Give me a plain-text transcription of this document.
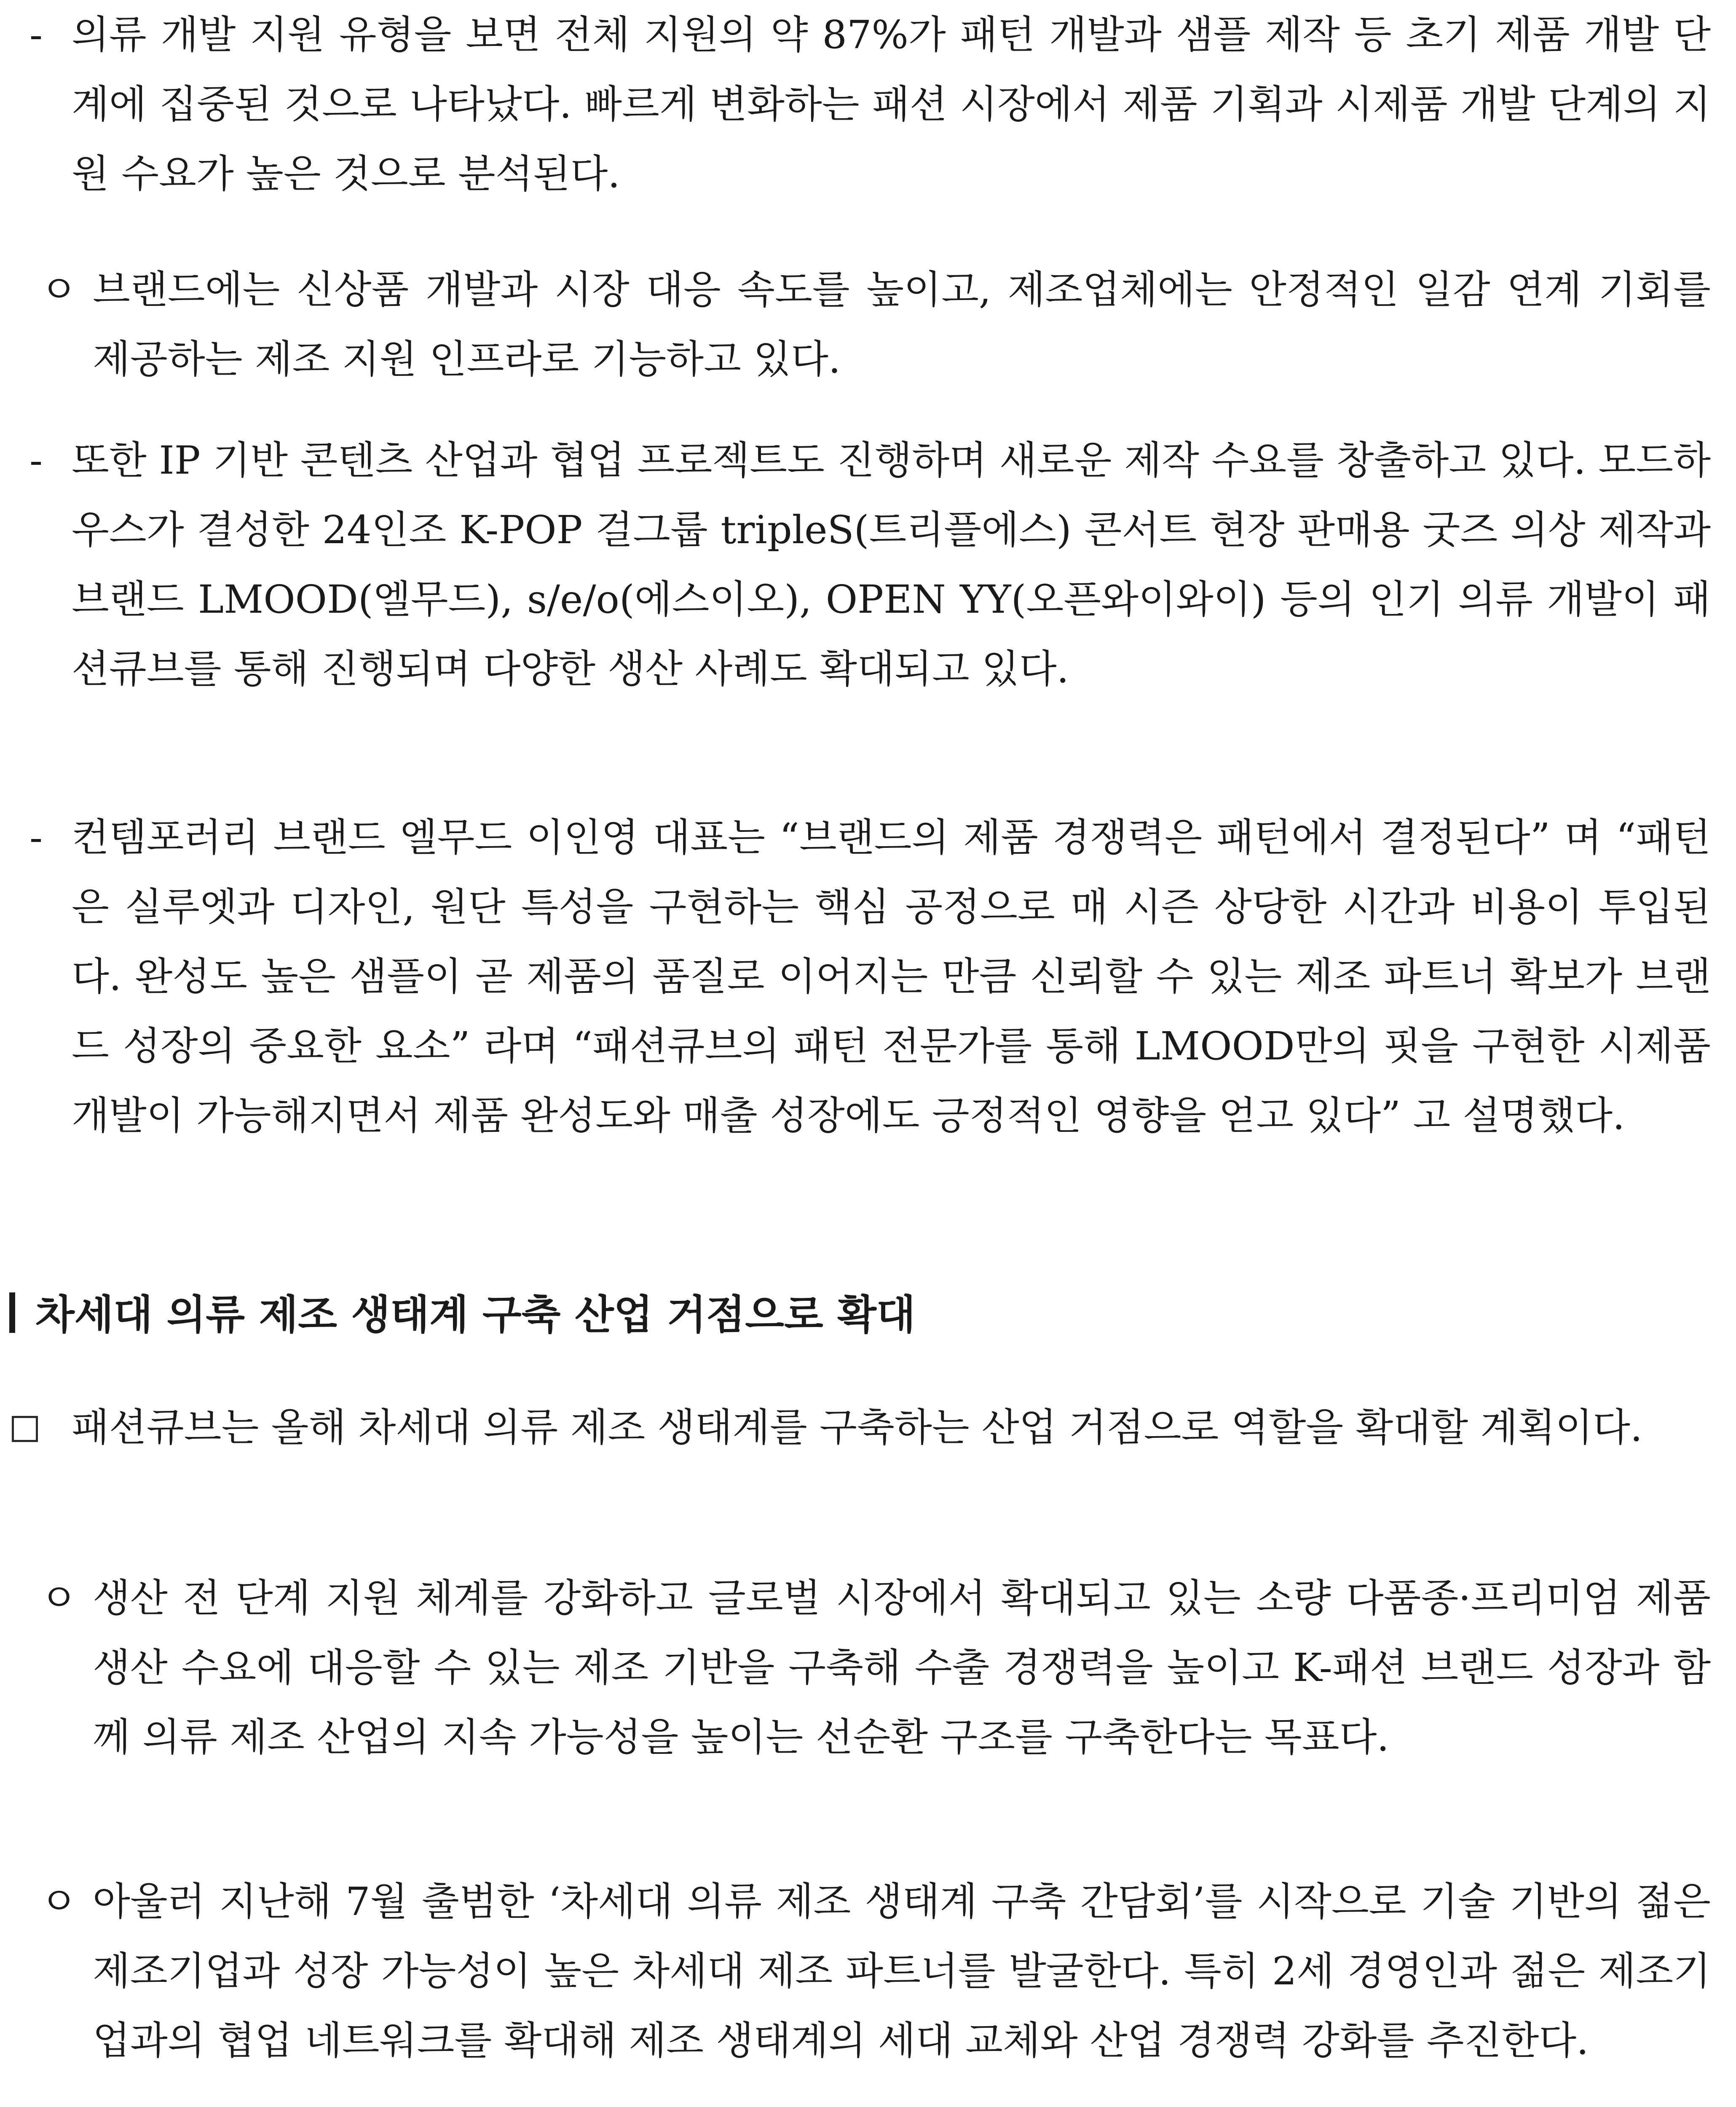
- 의류 개발 지원 유형을 보면 전체 지원의 약 87%가 패턴 개발과 샘플 제작 등 초기 제품 개발 단계에 집중된 것으로 나타났다. 빠르게 변화하는 패션 시장에서 제품 기획과 시제품 개발 단계의 지원 수요가 높은 것으로 분석된다.

ㅇ 브랜드에는 신상품 개발과 시장 대응 속도를 높이고, 제조업체에는 안정적인 일감 연계 기회를 제공하는 제조 지원 인프라로 기능하고 있다.

- 또한 IP 기반 콘텐츠 산업과 협업 프로젝트도 진행하며 새로운 제작 수요를 창출하고 있다. 모드하우스가 결성한 24인조 K-POP 걸그룹 tripleS(트리플에스) 콘서트 현장 판매용 굿즈 의상 제작과 브랜드 LMOOD(엘무드), s/e/o(에스이오), OPEN YY(오픈와이와이) 등의 인기 의류 개발이 패션큐브를 통해 진행되며 다양한 생산 사례도 확대되고 있다.

- 컨템포러리 브랜드 엘무드 이인영 대표는 “브랜드의 제품 경쟁력은 패턴에서 결정된다” 며 “패턴은 실루엣과 디자인, 원단 특성을 구현하는 핵심 공정으로 매 시즌 상당한 시간과 비용이 투입된다. 완성도 높은 샘플이 곧 제품의 품질로 이어지는 만큼 신뢰할 수 있는 제조 파트너 확보가 브랜드 성장의 중요한 요소” 라며 “패션큐브의 패턴 전문가를 통해 LMOOD만의 핏을 구현한 시제품 개발이 가능해지면서 제품 완성도와 매출 성장에도 긍정적인 영향을 얻고 있다” 고 설명했다.

차세대 의류 제조 생태계 구축 산업 거점으로 확대

패션큐브는 올해 차세대 의류 제조 생태계를 구축하는 산업 거점으로 역할을 확대할 계획이다.

ㅇ 생산 전 단계 지원 체계를 강화하고 글로벌 시장에서 확대되고 있는 소량 다품종·프리미엄 제품 생산 수요에 대응할 수 있는 제조 기반을 구축해 수출 경쟁력을 높이고 K-패션 브랜드 성장과 함께 의류 제조 산업의 지속 가능성을 높이는 선순환 구조를 구축한다는 목표다.

ㅇ 아울러 지난해 7월 출범한 ‘차세대 의류 제조 생태계 구축 간담회’를 시작으로 기술 기반의 젊은 제조기업과 성장 가능성이 높은 차세대 제조 파트너를 발굴한다. 특히 2세 경영인과 젊은 제조기업과의 협업 네트워크를 확대해 제조 생태계의 세대 교체와 산업 경쟁력 강화를 추진한다.
